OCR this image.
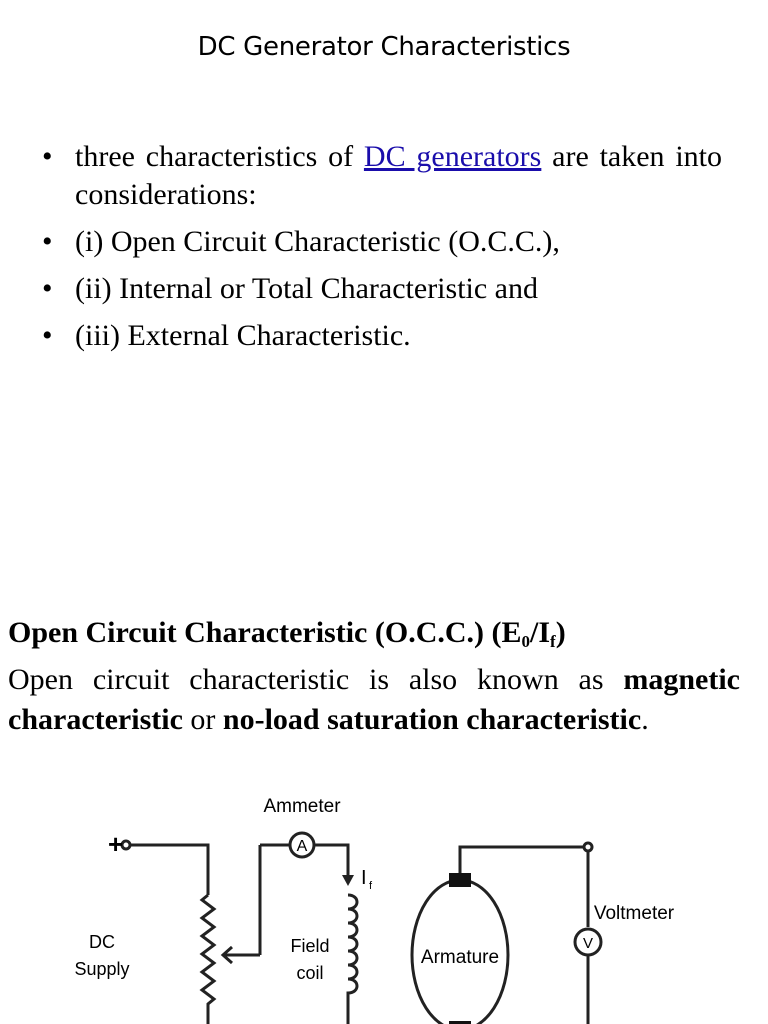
DC Generator Characteristics
• three characteristics of DC generators are taken into considerations:
• (i) Open Circuit Characteristic (O.C.C.),
• (ii) Internal or Total Characteristic and
• (iii) External Characteristic.
Open Circuit Characteristic (O.C.C.) $(E_0/I_f)$
Open circuit characteristic is also known as magnetic characteristic or no-load saturation characteristic.
+
Ammeter
A
I f
DC
Supply
Field
coil
Armature
Voltmeter
V
